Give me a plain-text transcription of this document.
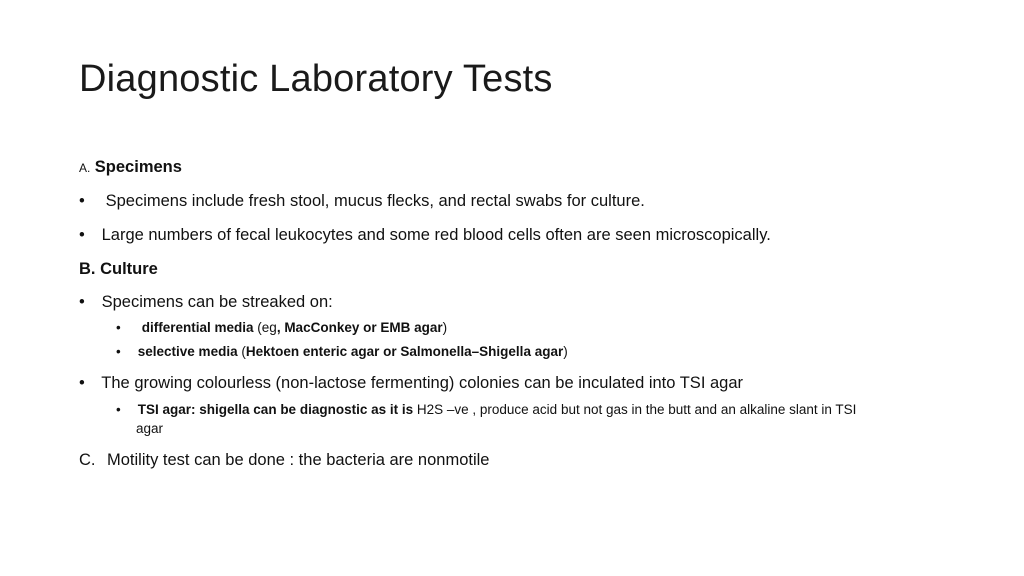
Diagnostic Laboratory Tests
A. Specimens
• Specimens include fresh stool, mucus flecks, and rectal swabs for culture.
• Large numbers of fecal leukocytes and some red blood cells often are seen microscopically.
B. Culture
• Specimens can be streaked on:
• differential media (eg, MacConkey or EMB agar)
• selective media (Hektoen enteric agar or Salmonella–Shigella agar)
• The growing colourless (non-lactose fermenting) colonies can be inculated into TSI agar
• TSI agar: shigella can be diagnostic as it is H2S –ve , produce acid but not gas in the butt and an alkaline slant in TSI
agar
C. Motility test can be done : the bacteria are nonmotile
